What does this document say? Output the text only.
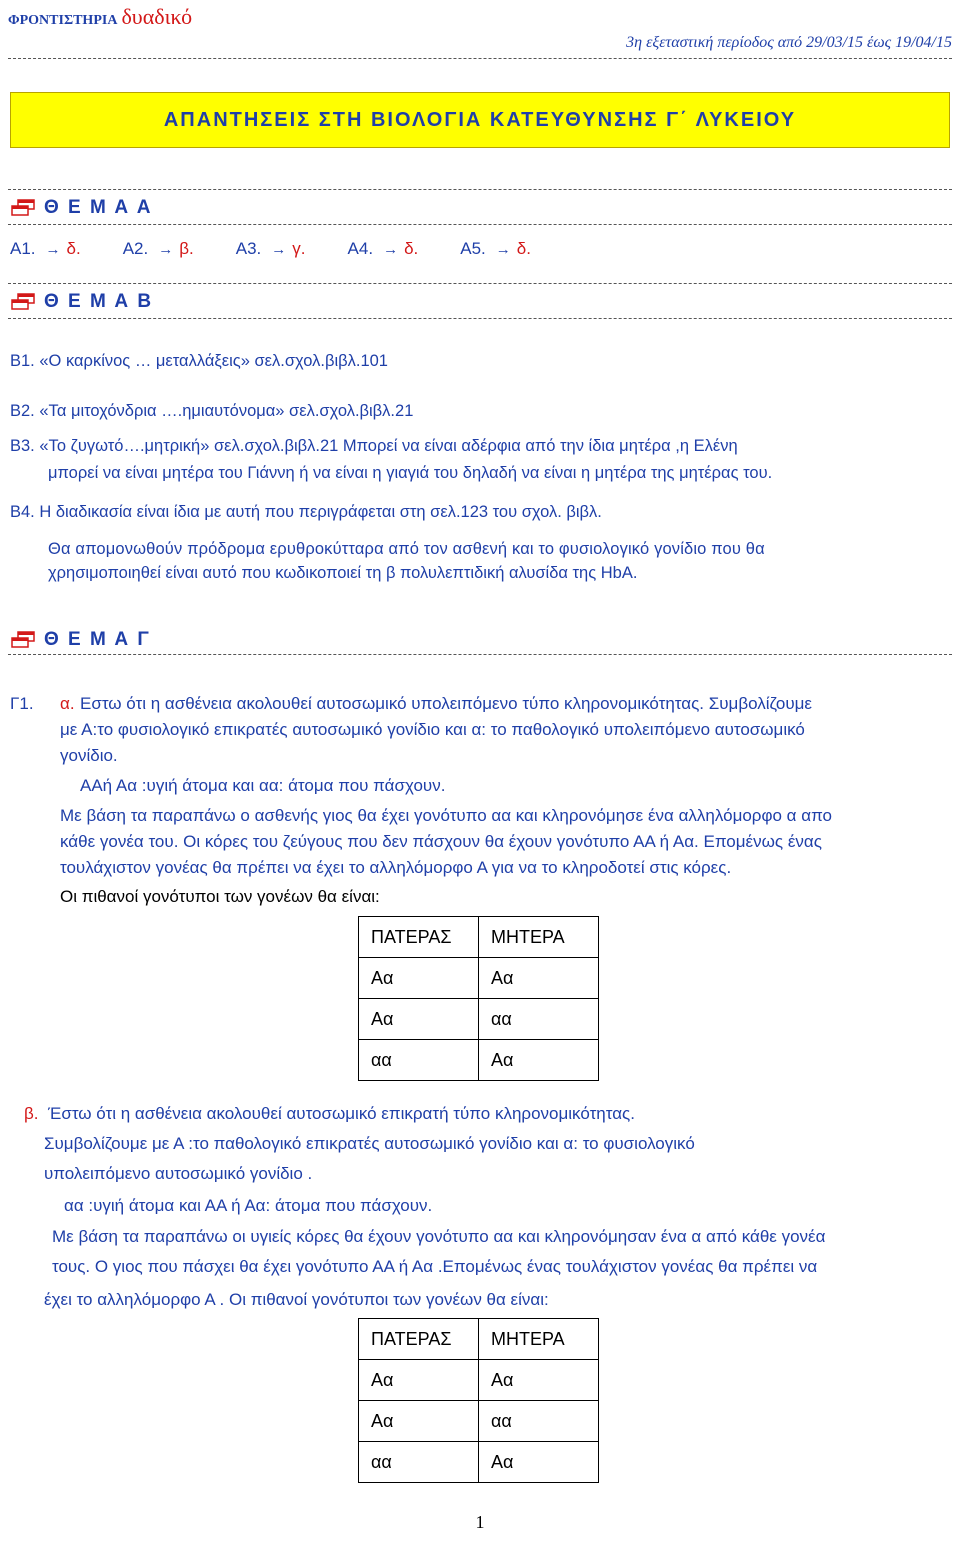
ΦΡΟΝΤΙΣΤΗΡΙΑ δυαδικό
3η εξεταστική περίοδος από 29/03/15 έως 19/04/15
ΑΠΑΝΤΗΣΕΙΣ ΣΤΗ ΒΙΟΛΟΓΙΑ ΚΑΤΕΥΘΥΝΣΗΣ Γ΄ ΛΥΚΕΙΟΥ
Θ Ε Μ Α Α
Α1. → δ. Α2. → β. Α3. → γ. Α4. → δ. Α5. → δ.
Θ Ε Μ Α Β
Β1. «Ο καρκίνος … μεταλλάξεις» σελ.σχολ.βιβλ.101
Β2. «Τα μιτοχόνδρια ….ημιαυτόνομα» σελ.σχολ.βιβλ.21
Β3. «Το ζυγωτό….μητρική» σελ.σχολ.βιβλ.21 Μπορεί να είναι αδέρφια από την ίδια μητέρα ,η Ελένη
μπορεί να είναι μητέρα του Γιάννη ή να είναι η γιαγιά του δηλαδή να είναι η μητέρα της μητέρας του.
Β4. Η διαδικασία είναι ίδια με αυτή που περιγράφεται στη σελ.123 του σχολ. βιβλ.
Θα απομονωθούν πρόδρομα ερυθροκύτταρα από τον ασθενή και το φυσιολογικό γονίδιο που θα
χρησιμοποιηθεί είναι αυτό που κωδικοποιεί τη β πολυλεπτιδική αλυσίδα της HbA.
Θ Ε Μ Α Γ
Γ1. α. Εστω ότι η ασθένεια ακολουθεί αυτοσωμικό υπολειπόμενο τύπο κληρονομικότητας. Συμβολίζουμε
με Α:το φυσιολογικό επικρατές αυτοσωμικό γονίδιο και α: το παθολογικό υπολειπόμενο αυτοσωμικό
γονίδιο.
ΑΑή Αα :υγιή άτομα και αα: άτομα που πάσχουν.
Με βάση τα παραπάνω ο ασθενής γιος θα έχει γονότυπο αα και κληρονόμησε ένα αλληλόμορφο α απο
κάθε γονέα του. Οι κόρες του ζεύγους που δεν πάσχουν θα έχουν γονότυπο ΑΑ ή Αα. Επομένως ένας
τουλάχιστον γονέας θα πρέπει να έχει το αλληλόμορφο Α για να το κληροδοτεί στις κόρες.
Οι πιθανοί γονότυποι των γονέων θα είναι:
ΠΑΤΕΡΑΣ	ΜΗΤΕΡΑ
Αα	Αα
Αα	αα
αα	Αα
β. Έστω ότι η ασθένεια ακολουθεί αυτοσωμικό επικρατή τύπο κληρονομικότητας.
Συμβολίζουμε με Α :το παθολογικό επικρατές αυτοσωμικό γονίδιο και α: το φυσιολογικό
υπολειπόμενο αυτοσωμικό γονίδιο .
αα :υγιή άτομα και ΑΑ ή Αα: άτομα που πάσχουν.
Με βάση τα παραπάνω οι υγιείς κόρες θα έχουν γονότυπο αα και κληρονόμησαν ένα α από κάθε γονέα
τους. Ο γιος που πάσχει θα έχει γονότυπο ΑΑ ή Αα .Επομένως ένας τουλάχιστον γονέας θα πρέπει να
έχει το αλληλόμορφο Α . Οι πιθανοί γονότυποι των γονέων θα είναι:
ΠΑΤΕΡΑΣ	ΜΗΤΕΡΑ
Αα	Αα
Αα	αα
αα	Αα
1
